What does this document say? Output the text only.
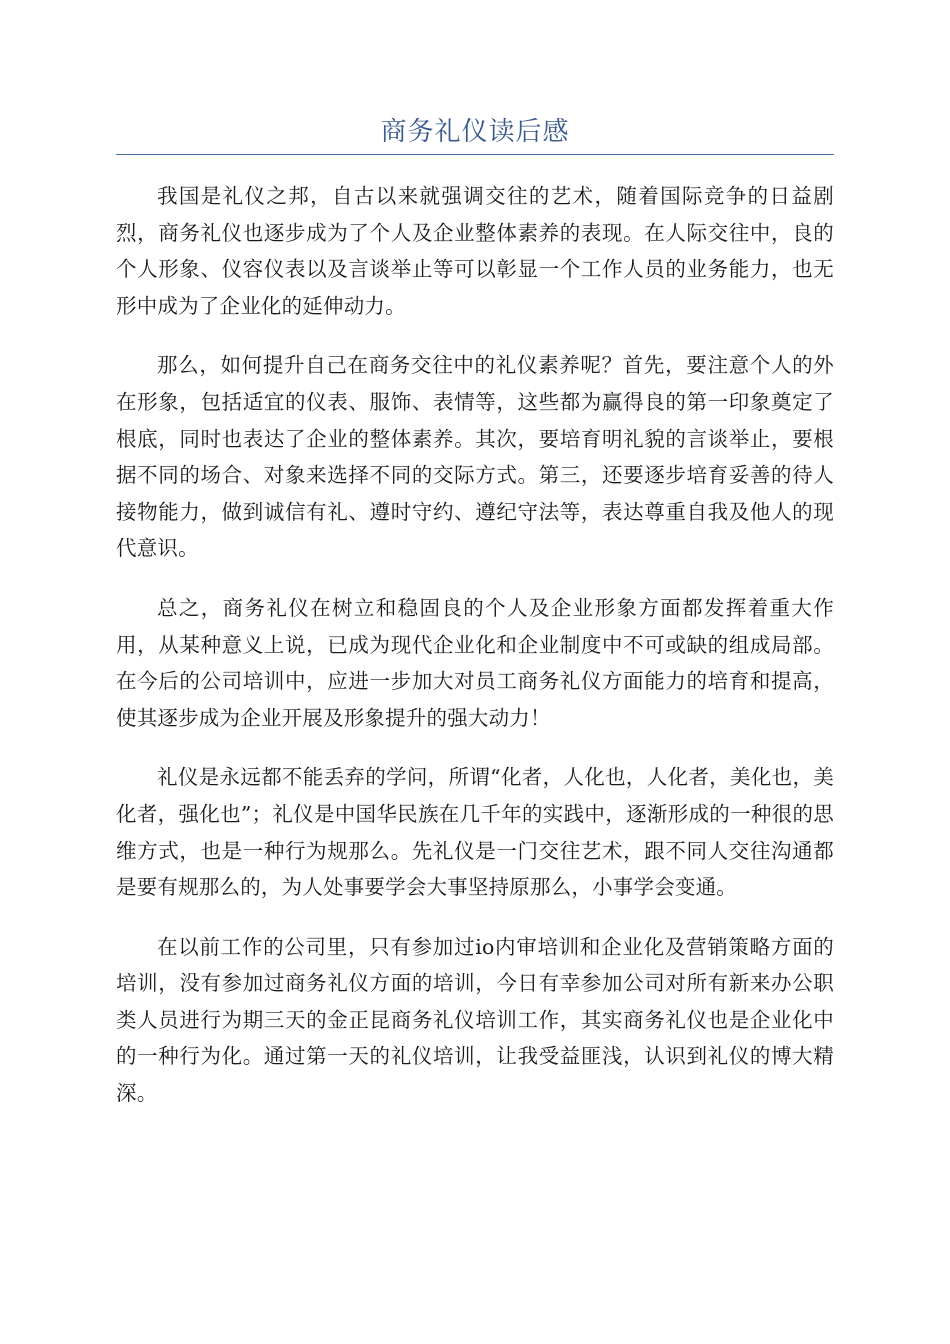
商务礼仪读后感

我国是礼仪之邦，自古以来就强调交往的艺术，随着国际竞争的日益剧烈，商务礼仪也逐步成为了个人及企业整体素养的表现。在人际交往中，良的个人形象、仪容仪表以及言谈举止等可以彰显一个工作人员的业务能力，也无形中成为了企业化的延伸动力。

那么，如何提升自己在商务交往中的礼仪素养呢？首先，要注意个人的外在形象，包括适宜的仪表、服饰、表情等，这些都为赢得良的第一印象奠定了根底，同时也表达了企业的整体素养。其次，要培育明礼貌的言谈举止，要根据不同的场合、对象来选择不同的交际方式。第三，还要逐步培育妥善的待人接物能力，做到诚信有礼、遵时守约、遵纪守法等，表达尊重自我及他人的现代意识。

总之，商务礼仪在树立和稳固良的个人及企业形象方面都发挥着重大作用，从某种意义上说，已成为现代企业化和企业制度中不可或缺的组成局部。在今后的公司培训中，应进一步加大对员工商务礼仪方面能力的培育和提高，使其逐步成为企业开展及形象提升的强大动力！

礼仪是永远都不能丢弃的学问，所谓“化者，人化也，人化者，美化也，美化者，强化也”；礼仪是中国华民族在几千年的实践中，逐渐形成的一种很的思维方式，也是一种行为规那么。先礼仪是一门交往艺术，跟不同人交往沟通都是要有规那么的，为人处事要学会大事坚持原那么，小事学会变通。

在以前工作的公司里，只有参加过io内审培训和企业化及营销策略方面的培训，没有参加过商务礼仪方面的培训，今日有幸参加公司对所有新来办公职类人员进行为期三天的金正昆商务礼仪培训工作，其实商务礼仪也是企业化中的一种行为化。通过第一天的礼仪培训，让我受益匪浅，认识到礼仪的博大精深。
